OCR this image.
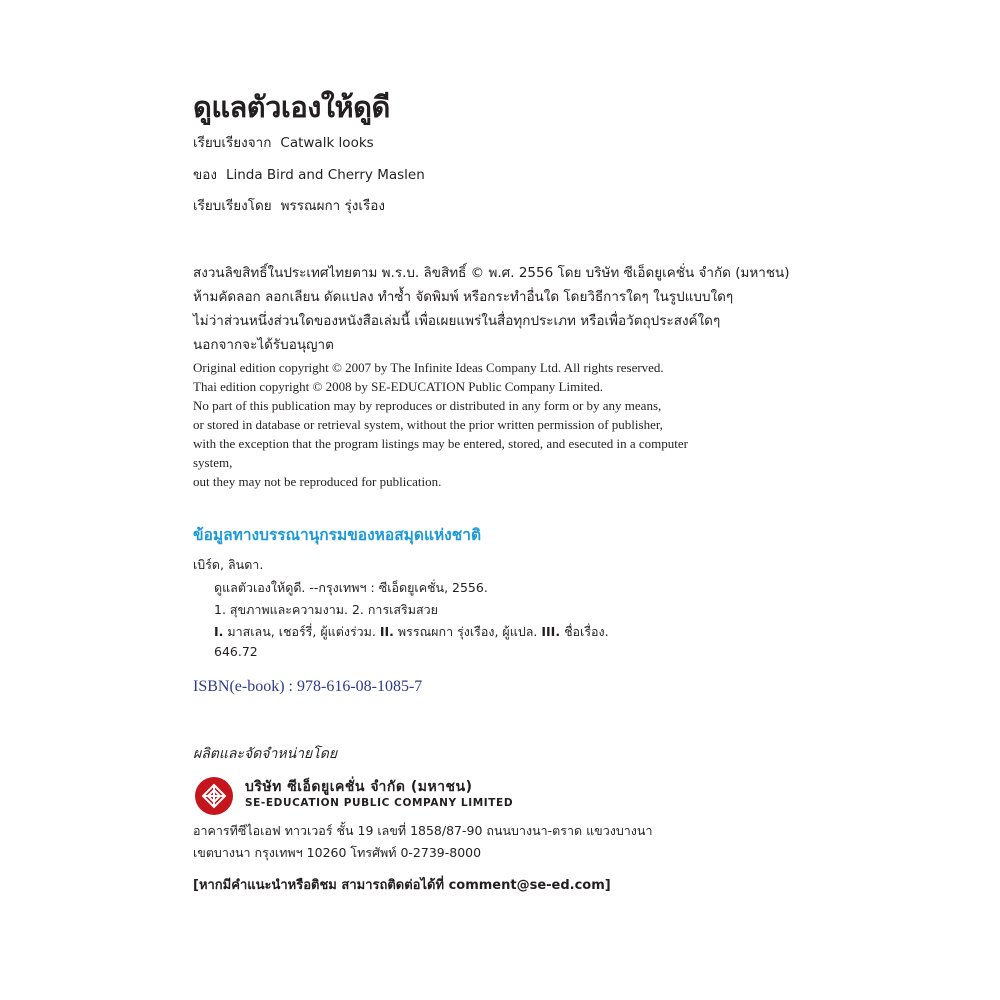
ดูแลตัวเองให้ดูดี
เรียบเรียงจาก Catwalk looks
ของ Linda Bird and Cherry Maslen
เรียบเรียงโดย พรรณผกา รุ่งเรือง
สงวนลิขสิทธิ์ในประเทศไทยตาม พ.ร.บ. ลิขสิทธิ์ © พ.ศ. 2556 โดย บริษัท ซีเอ็ดยูเคชั่น จำกัด (มหาชน)
ห้ามคัดลอก ลอกเลียน ดัดแปลง ทำซ้ำ จัดพิมพ์ หรือกระทำอื่นใด โดยวิธีการใดๆ ในรูปแบบใดๆ
ไม่ว่าส่วนหนึ่งส่วนใดของหนังสือเล่มนี้ เพื่อเผยแพร่ในสื่อทุกประเภท หรือเพื่อวัตถุประสงค์ใดๆ
นอกจากจะได้รับอนุญาต
Original edition copyright © 2007 by The Infinite Ideas Company Ltd. All rights reserved.
Thai edition copyright © 2008 by SE-EDUCATION Public Company Limited.
No part of this publication may by reproduces or distributed in any form or by any means,
or stored in database or retrieval system, without the prior written permission of publisher,
with the exception that the program listings may be entered, stored, and esecuted in a computer
system,
out they may not be reproduced for publication.
ข้อมูลทางบรรณานุกรมของหอสมุดแห่งชาติ
เบิร์ด, ลินดา.
ดูแลตัวเองให้ดูดี. --กรุงเทพฯ : ซีเอ็ดยูเคชั่น, 2556.
1. สุขภาพและความงาม. 2. การเสริมสวย
I. มาสเลน, เชอร์รี่, ผู้แต่งร่วม. II. พรรณผกา รุ่งเรือง, ผู้แปล. III. ชื่อเรื่อง.
646.72
ISBN(e-book) : 978-616-08-1085-7
ผลิตและจัดจำหน่ายโดย
บริษัท ซีเอ็ดยูเคชั่น จำกัด (มหาชน)
SE-EDUCATION PUBLIC COMPANY LIMITED
อาคารทีซีไอเอฟ ทาวเวอร์ ชั้น 19 เลขที่ 1858/87-90 ถนนบางนา-ตราด แขวงบางนา
เขตบางนา กรุงเทพฯ 10260 โทรศัพท์ 0-2739-8000
[หากมีคำแนะนำหรือติชม สามารถติดต่อได้ที่ comment@se-ed.com]
